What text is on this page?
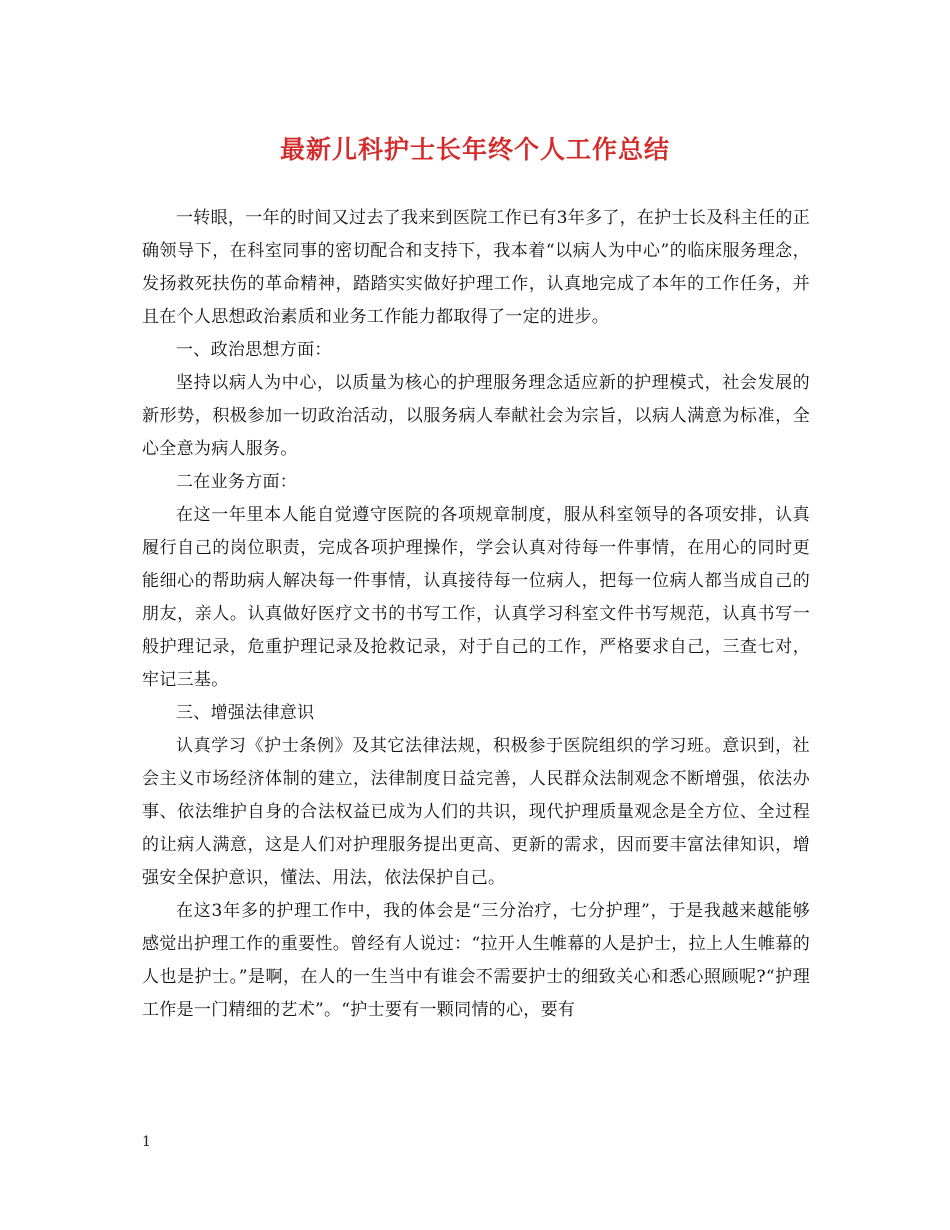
最新儿科护士长年终个人工作总结

一转眼，一年的时间又过去了我来到医院工作已有3年多了，在护士长及科主任的正确领导下，在科室同事的密切配合和支持下，我本着“以病人为中心”的临床服务理念，发扬救死扶伤的革命精神，踏踏实实做好护理工作，认真地完成了本年的工作任务，并且在个人思想政治素质和业务工作能力都取得了一定的进步。

一、政治思想方面：

坚持以病人为中心，以质量为核心的护理服务理念适应新的护理模式，社会发展的新形势，积极参加一切政治活动，以服务病人奉献社会为宗旨，以病人满意为标准，全心全意为病人服务。

二在业务方面：

在这一年里本人能自觉遵守医院的各项规章制度，服从科室领导的各项安排，认真履行自己的岗位职责，完成各项护理操作，学会认真对待每一件事情，在用心的同时更能细心的帮助病人解决每一件事情，认真接待每一位病人，把每一位病人都当成自己的朋友，亲人。认真做好医疗文书的书写工作，认真学习科室文件书写规范，认真书写一般护理记录，危重护理记录及抢救记录，对于自己的工作，严格要求自己，三查七对，牢记三基。

三、增强法律意识

认真学习《护士条例》及其它法律法规，积极参于医院组织的学习班。意识到，社会主义市场经济体制的建立，法律制度日益完善，人民群众法制观念不断增强，依法办事、依法维护自身的合法权益已成为人们的共识，现代护理质量观念是全方位、全过程的让病人满意，这是人们对护理服务提出更高、更新的需求，因而要丰富法律知识，增强安全保护意识，懂法、用法，依法保护自己。

在这3年多的护理工作中，我的体会是“三分治疗，七分护理”，于是我越来越能够感觉出护理工作的重要性。曾经有人说过：“拉开人生帷幕的人是护士，拉上人生帷幕的人也是护士。”是啊，在人的一生当中有谁会不需要护士的细致关心和悉心照顾呢?“护理工作是一门精细的艺术”。“护士要有一颗同情的心，要有

1
